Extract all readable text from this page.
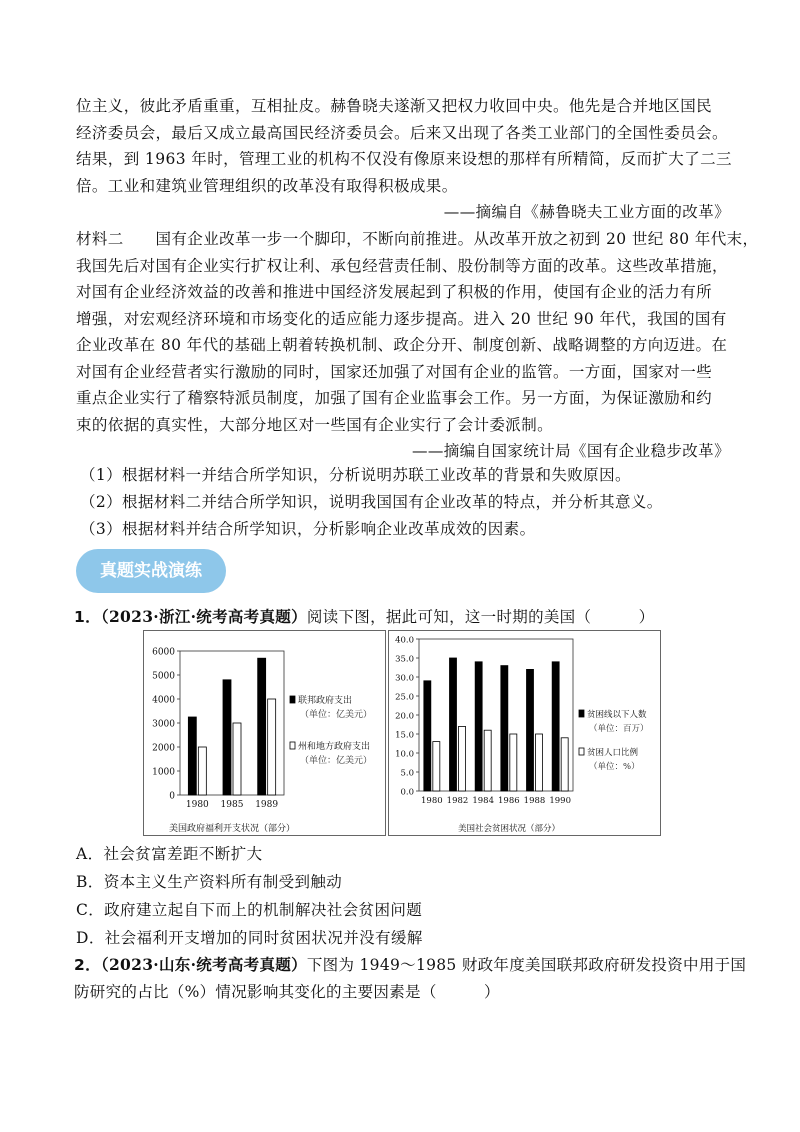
位主义，彼此矛盾重重，互相扯皮。赫鲁晓夫遂渐又把权力收回中央。他先是合并地区国民
经济委员会，最后又成立最高国民经济委员会。后来又出现了各类工业部门的全国性委员会。
结果，到 1963 年时，管理工业的机构不仅没有像原来设想的那样有所精简，反而扩大了二三
倍。工业和建筑业管理组织的改革没有取得积极成果。
——摘编自《赫鲁晓夫工业方面的改革》
材料二　　国有企业改革一步一个脚印，不断向前推进。从改革开放之初到 20 世纪 80 年代末，
我国先后对国有企业实行扩权让利、承包经营责任制、股份制等方面的改革。这些改革措施，
对国有企业经济效益的改善和推进中国经济发展起到了积极的作用，使国有企业的活力有所
增强，对宏观经济环境和市场变化的适应能力逐步提高。进入 20 世纪 90 年代，我国的国有
企业改革在 80 年代的基础上朝着转换机制、政企分开、制度创新、战略调整的方向迈进。在
对国有企业经营者实行激励的同时，国家还加强了对国有企业的监管。一方面，国家对一些
重点企业实行了稽察特派员制度，加强了国有企业监事会工作。另一方面，为保证激励和约
束的依据的真实性，大部分地区对一些国有企业实行了会计委派制。
——摘编自国家统计局《国有企业稳步改革》
（1）根据材料一并结合所学知识，分析说明苏联工业改革的背景和失败原因。
（2）根据材料二并结合所学知识，说明我国国有企业改革的特点，并分析其意义。
（3）根据材料并结合所学知识，分析影响企业改革成效的因素。
真题实战演练
1．（2023·浙江·统考高考真题）阅读下图，据此可知，这一时期的美国（　　　）
0
1000
2000
3000
4000
5000
6000
1980 1985 1989
联邦政府支出
（单位：亿美元）
州和地方政府支出
（单位：亿美元）
美国政府福利开支状况（部分）
0.0
5.0
10.0
15.0
20.0
25.0
30.0
35.0
40.0
1980 1982 1984 1986 1988 1990
贫困线以下人数
（单位：百万）
贫困人口比例
（单位：%）
美国社会贫困状况（部分）
A．社会贫富差距不断扩大
B．资本主义生产资料所有制受到触动
C．政府建立起自下而上的机制解决社会贫困问题
D．社会福利开支增加的同时贫困状况并没有缓解
2．（2023·山东·统考高考真题）下图为 1949～1985 财政年度美国联邦政府研发投资中用于国
防研究的占比（%）情况影响其变化的主要因素是（　　　）
